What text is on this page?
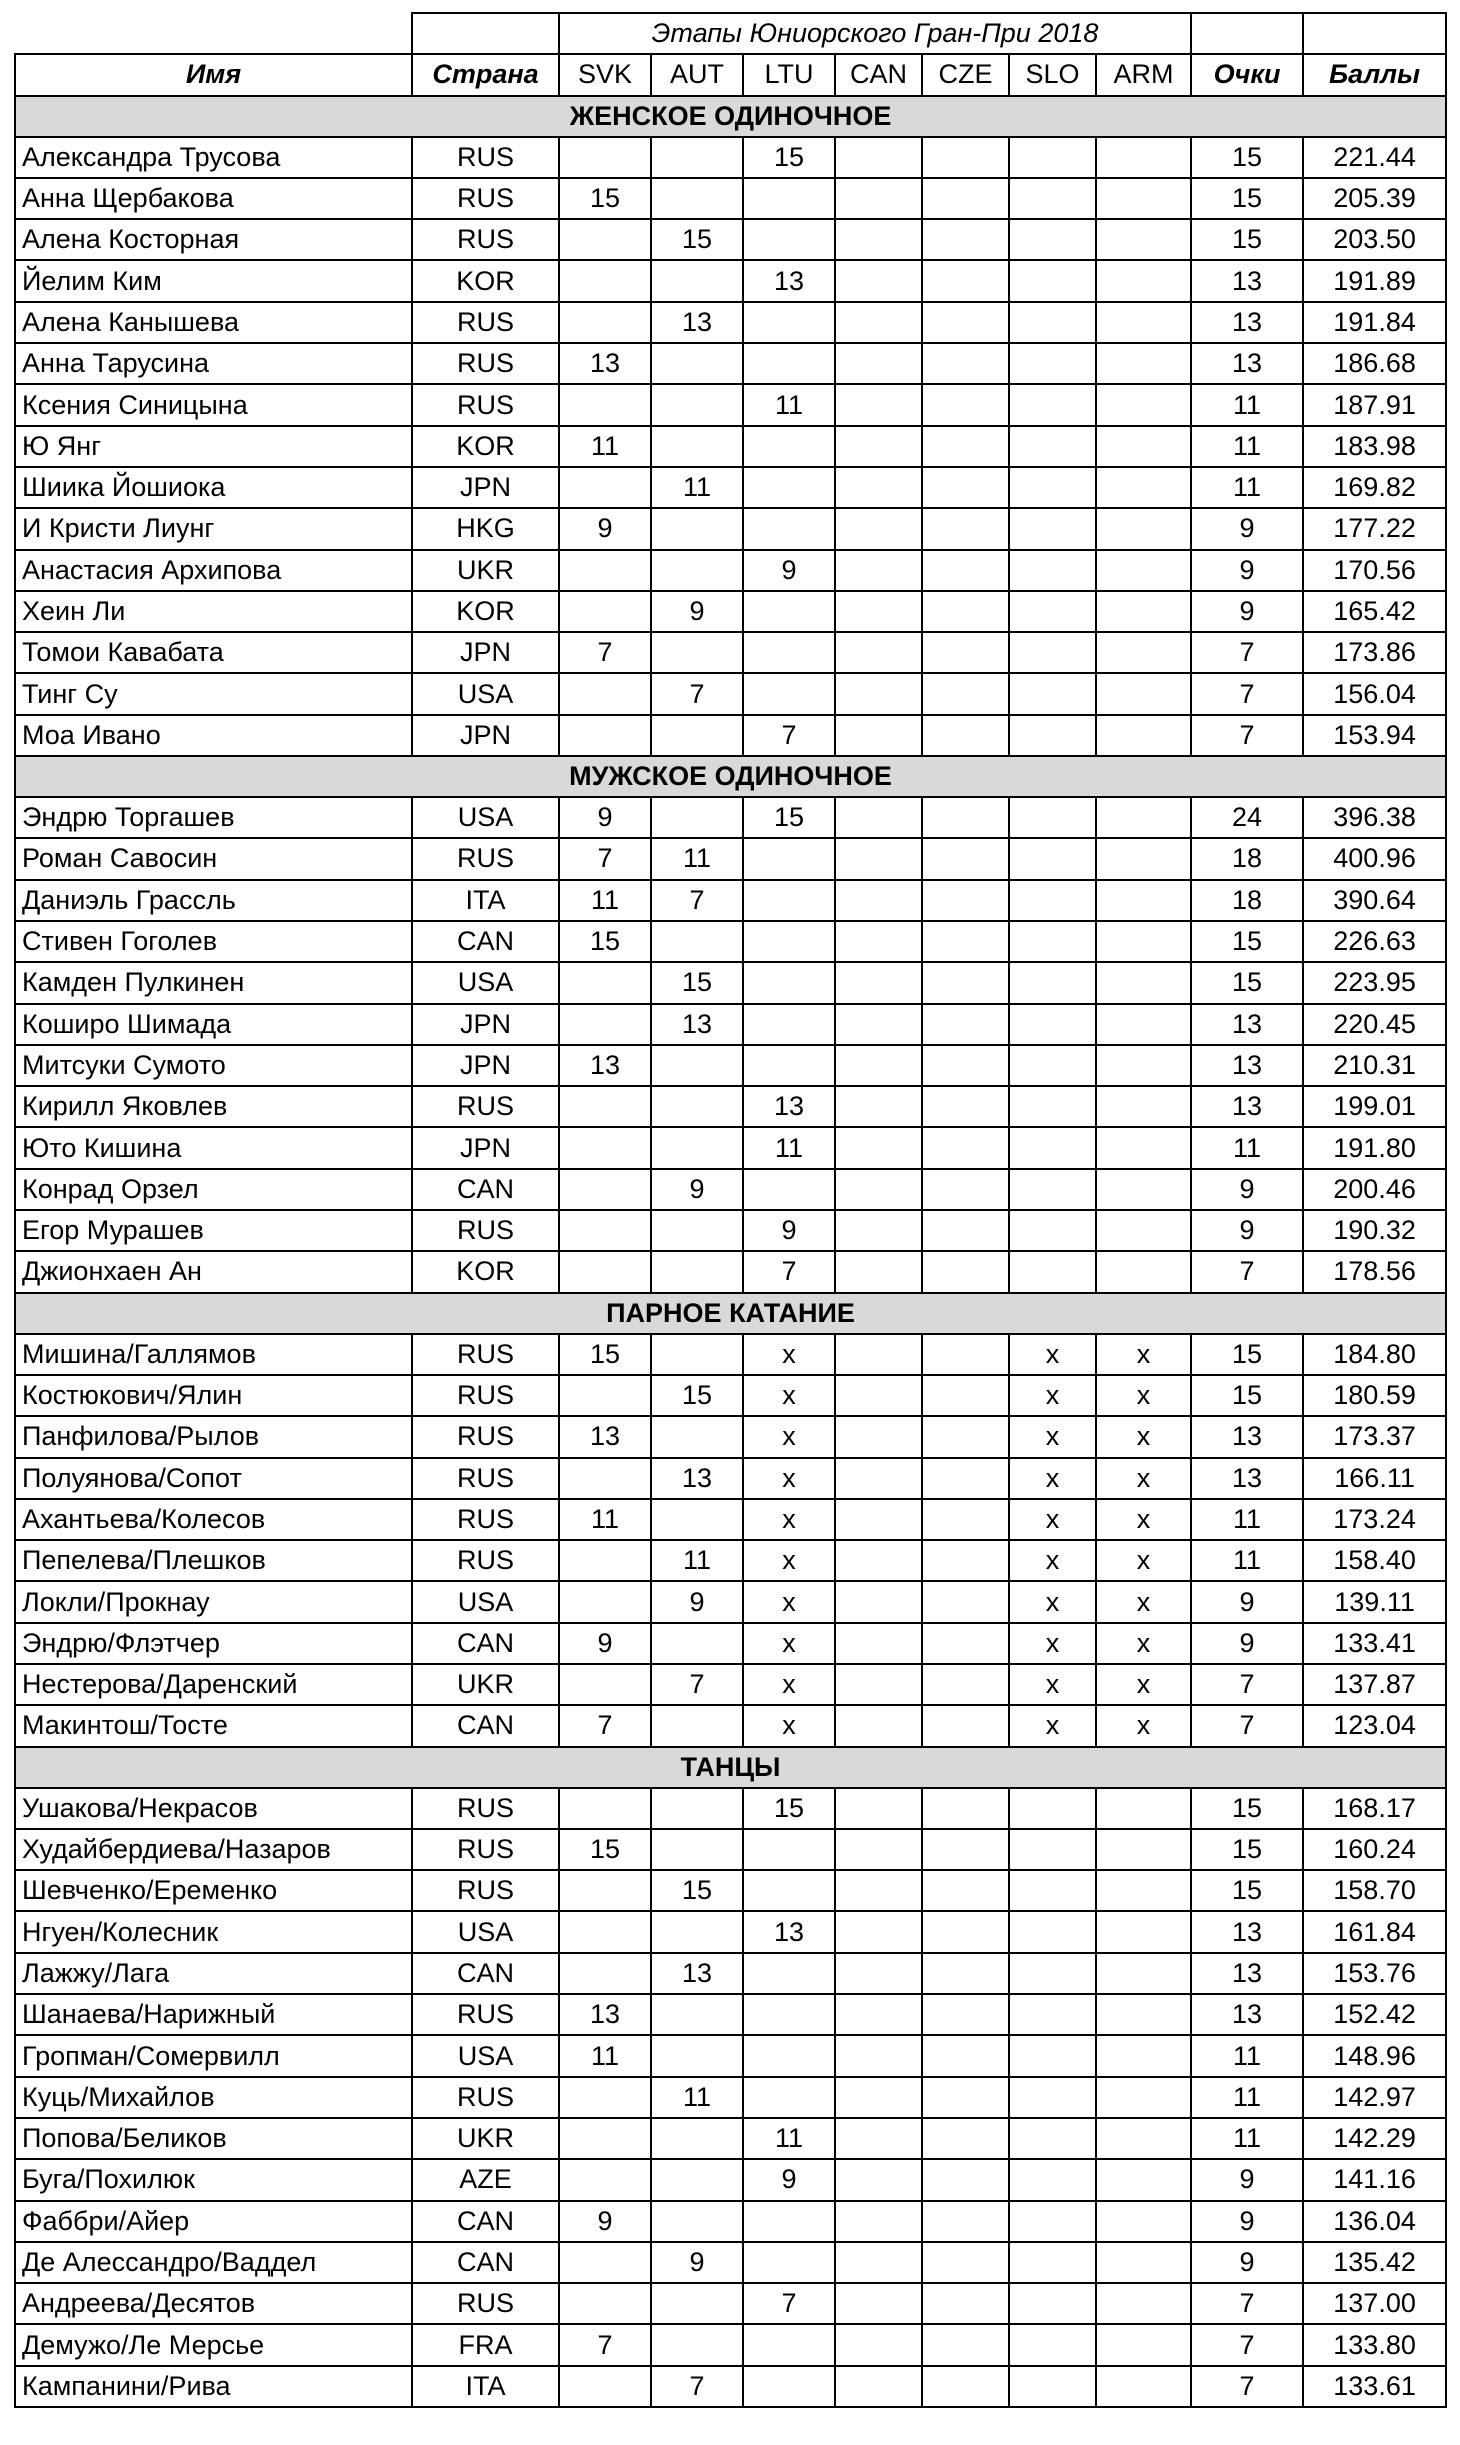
		Этапы Юниорского Гран-При 2018								
Имя	Страна	SVK	AUT	LTU	CAN	CZE	SLO	ARM	Очки	Баллы
ЖЕНСКОЕ ОДИНОЧНОЕ										
Александра Трусова	RUS			15					15	221.44
Анна Щербакова	RUS	15							15	205.39
Алена Косторная	RUS		15						15	203.50
Йелим Ким	KOR			13					13	191.89
Алена Канышева	RUS		13						13	191.84
Анна Тарусина	RUS	13							13	186.68
Ксения Синицына	RUS			11					11	187.91
Ю Янг	KOR	11							11	183.98
Шиика Йошиока	JPN		11						11	169.82
И Кристи Лиунг	HKG	9							9	177.22
Анастасия Архипова	UKR			9					9	170.56
Хеин Ли	KOR		9						9	165.42
Томои Кавабата	JPN	7							7	173.86
Тинг Су	USA		7						7	156.04
Моа Ивано	JPN			7					7	153.94
МУЖСКОЕ ОДИНОЧНОЕ										
Эндрю Торгашев	USA	9		15					24	396.38
Роман Савосин	RUS	7	11						18	400.96
Даниэль Грассль	ITA	11	7						18	390.64
Стивен Гоголев	CAN	15							15	226.63
Камден Пулкинен	USA		15						15	223.95
Коширо Шимада	JPN		13						13	220.45
Митсуки Сумото	JPN	13							13	210.31
Кирилл Яковлев	RUS			13					13	199.01
Юто Кишина	JPN			11					11	191.80
Конрад Орзел	CAN		9						9	200.46
Егор Мурашев	RUS			9					9	190.32
Джионхаен Ан	KOR			7					7	178.56
ПАРНОЕ КАТАНИЕ										
Мишина/Галлямов	RUS	15		x			x	x	15	184.80
Костюкович/Ялин	RUS		15	x			x	x	15	180.59
Панфилова/Рылов	RUS	13		x			x	x	13	173.37
Полуянова/Сопот	RUS		13	x			x	x	13	166.11
Ахантьева/Колесов	RUS	11		x			x	x	11	173.24
Пепелева/Плешков	RUS		11	x			x	x	11	158.40
Локли/Прокнау	USA		9	x			x	x	9	139.11
Эндрю/Флэтчер	CAN	9		x			x	x	9	133.41
Нестерова/Даренский	UKR		7	x			x	x	7	137.87
Макинтош/Тосте	CAN	7		x			x	x	7	123.04
ТАНЦЫ										
Ушакова/Некрасов	RUS			15					15	168.17
Худайбердиева/Назаров	RUS	15							15	160.24
Шевченко/Еременко	RUS		15						15	158.70
Нгуен/Колесник	USA			13					13	161.84
Лажжу/Лага	CAN		13						13	153.76
Шанаева/Нарижный	RUS	13							13	152.42
Гропман/Сомервилл	USA	11							11	148.96
Куць/Михайлов	RUS		11						11	142.97
Попова/Беликов	UKR			11					11	142.29
Буга/Похилюк	AZE			9					9	141.16
Фаббри/Айер	CAN	9							9	136.04
Де Алессандро/Ваддел	CAN		9						9	135.42
Андреева/Десятов	RUS			7					7	137.00
Демужо/Ле Мерсье	FRA	7							7	133.80
Кампанини/Рива	ITA		7						7	133.61
